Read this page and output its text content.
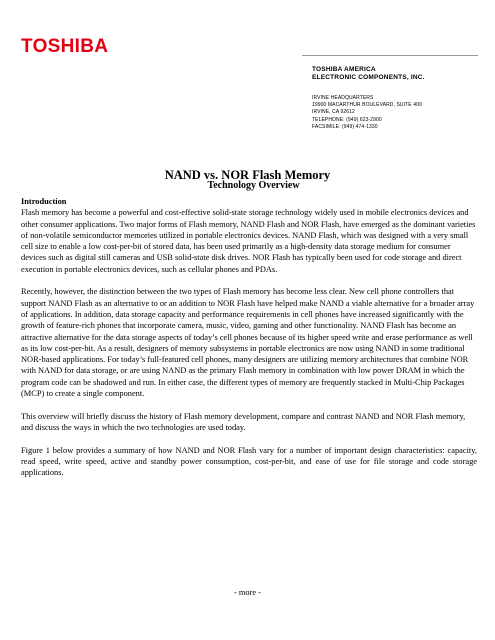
TOSHIBA
TOSHIBA AMERICA
ELECTRONIC COMPONENTS, INC.
IRVINE HEADQUARTERS
19900 MACARTHUR BOULEVARD, SUITE 400
IRVINE, CA 92612
TELEPHONE: (949) 623-2900
FACSIMILE: (949) 474-1330
NAND vs. NOR Flash Memory
Technology Overview
Introduction

Flash memory has become a powerful and cost-effective solid-state storage technology widely used in mobile electronics devices and other consumer applications. Two major forms of Flash memory, NAND Flash and NOR Flash, have emerged as the dominant varieties of non-volatile semiconductor memories utilized in portable electronics devices. NAND Flash, which was designed with a very small cell size to enable a low cost-per-bit of stored data, has been used primarily as a high-density data storage medium for consumer devices such as digital still cameras and USB solid-state disk drives. NOR Flash has typically been used for code storage and direct execution in portable electronics devices, such as cellular phones and PDAs.

Recently, however, the distinction between the two types of Flash memory has become less clear. New cell phone controllers that support NAND Flash as an alternative to or an addition to NOR Flash have helped make NAND a viable alternative for a broader array of applications. In addition, data storage capacity and performance requirements in cell phones have increased significantly with the growth of feature-rich phones that incorporate camera, music, video, gaming and other functionality. NAND Flash has become an attractive alternative for the data storage aspects of today’s cell phones because of its higher speed write and erase performance as well as its low cost-per-bit. As a result, designers of memory subsystems in portable electronics are now using NAND in some traditional NOR-based applications. For today’s full-featured cell phones, many designers are utilizing memory architectures that combine NOR with NAND for data storage, or are using NAND as the primary Flash memory in combination with low power DRAM in which the program code can be shadowed and run. In either case, the different types of memory are frequently stacked in Multi-Chip Packages (MCP) to create a single component.

This overview will briefly discuss the history of Flash memory development, compare and contrast NAND and NOR Flash memory, and discuss the ways in which the two technologies are used today.

Figure 1 below provides a summary of how NAND and NOR Flash vary for a number of important design characteristics: capacity, read speed, write speed, active and standby power consumption, cost-per-bit, and ease of use for file storage and code storage applications.

- more -
